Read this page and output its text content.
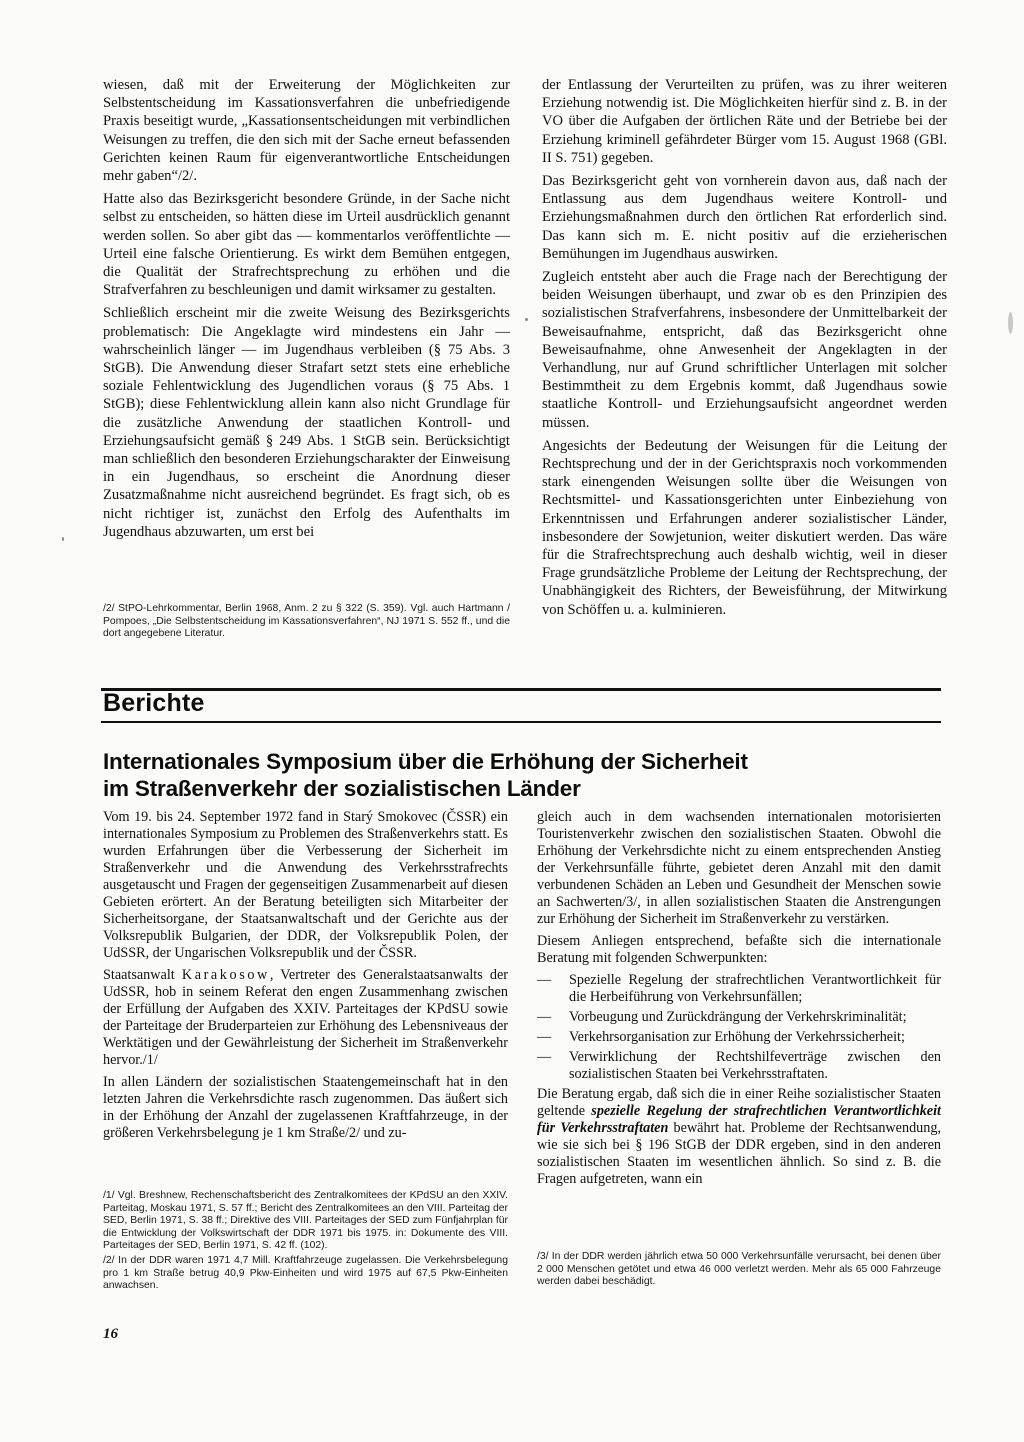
wiesen, daß mit der Erweiterung der Möglichkeiten zur Selbstentscheidung im Kassationsverfahren die unbefriedigende Praxis beseitigt wurde, „Kassationsentscheidungen mit verbindlichen Weisungen zu treffen, die den sich mit der Sache erneut befassenden Gerichten keinen Raum für eigenverantwortliche Entscheidungen mehr gaben“/2/.

Hatte also das Bezirksgericht besondere Gründe, in der Sache nicht selbst zu entscheiden, so hätten diese im Urteil ausdrücklich genannt werden sollen. So aber gibt das — kommentarlos veröffentlichte — Urteil eine falsche Orientierung. Es wirkt dem Bemühen entgegen, die Qualität der Strafrechtsprechung zu erhöhen und die Strafverfahren zu beschleunigen und damit wirksamer zu gestalten.

Schließlich erscheint mir die zweite Weisung des Bezirksgerichts problematisch: Die Angeklagte wird mindestens ein Jahr — wahrscheinlich länger — im Jugendhaus verbleiben (§ 75 Abs. 3 StGB). Die Anwendung dieser Strafart setzt stets eine erhebliche soziale Fehlentwicklung des Jugendlichen voraus (§ 75 Abs. 1 StGB); diese Fehlentwicklung allein kann also nicht Grundlage für die zusätzliche Anwendung der staatlichen Kontroll- und Erziehungsaufsicht gemäß § 249 Abs. 1 StGB sein. Berücksichtigt man schließlich den besonderen Erziehungscharakter der Einweisung in ein Jugendhaus, so erscheint die Anordnung dieser Zusatzmaßnahme nicht ausreichend begründet. Es fragt sich, ob es nicht richtiger ist, zunächst den Erfolg des Aufenthalts im Jugendhaus abzuwarten, um erst bei

/2/ StPO-Lehrkommentar, Berlin 1968, Anm. 2 zu § 322 (S. 359). Vgl. auch Hartmann / Pompoes, „Die Selbstentscheidung im Kassationsverfahren“, NJ 1971 S. 552 ff., und die dort angegebene Literatur.

der Entlassung der Verurteilten zu prüfen, was zu ihrer weiteren Erziehung notwendig ist. Die Möglichkeiten hierfür sind z. B. in der VO über die Aufgaben der örtlichen Räte und der Betriebe bei der Erziehung kriminell gefährdeter Bürger vom 15. August 1968 (GBl. II S. 751) gegeben.

Das Bezirksgericht geht von vornherein davon aus, daß nach der Entlassung aus dem Jugendhaus weitere Kontroll- und Erziehungsmaßnahmen durch den örtlichen Rat erforderlich sind. Das kann sich m. E. nicht positiv auf die erzieherischen Bemühungen im Jugendhaus auswirken.

Zugleich entsteht aber auch die Frage nach der Berechtigung der beiden Weisungen überhaupt, und zwar ob es den Prinzipien des sozialistischen Strafverfahrens, insbesondere der Unmittelbarkeit der Beweisaufnahme, entspricht, daß das Bezirksgericht ohne Beweisaufnahme, ohne Anwesenheit der Angeklagten in der Verhandlung, nur auf Grund schriftlicher Unterlagen mit solcher Bestimmtheit zu dem Ergebnis kommt, daß Jugendhaus sowie staatliche Kontroll- und Erziehungsaufsicht angeordnet werden müssen.

Angesichts der Bedeutung der Weisungen für die Leitung der Rechtsprechung und der in der Gerichtspraxis noch vorkommenden stark einengenden Weisungen sollte über die Weisungen von Rechtsmittel- und Kassationsgerichten unter Einbeziehung von Erkenntnissen und Erfahrungen anderer sozialistischer Länder, insbesondere der Sowjetunion, weiter diskutiert werden. Das wäre für die Strafrechtsprechung auch deshalb wichtig, weil in dieser Frage grundsätzliche Probleme der Leitung der Rechtsprechung, der Unabhängigkeit des Richters, der Beweisführung, der Mitwirkung von Schöffen u. a. kulminieren.

Berichte
Internationales Symposium über die Erhöhung der Sicherheit
im Straßenverkehr der sozialistischen Länder

Vom 19. bis 24. September 1972 fand in Starý Smokovec (ČSSR) ein internationales Symposium zu Problemen des Straßenverkehrs statt. Es wurden Erfahrungen über die Verbesserung der Sicherheit im Straßenverkehr und die Anwendung des Verkehrsstrafrechts ausgetauscht und Fragen der gegenseitigen Zusammenarbeit auf diesen Gebieten erörtert. An der Beratung beteiligten sich Mitarbeiter der Sicherheitsorgane, der Staatsanwaltschaft und der Gerichte aus der Volksrepublik Bulgarien, der DDR, der Volksrepublik Polen, der UdSSR, der Ungarischen Volksrepublik und der ČSSR.

Staatsanwalt Karakosow, Vertreter des Generalstaatsanwalts der UdSSR, hob in seinem Referat den engen Zusammenhang zwischen der Erfüllung der Aufgaben des XXIV. Parteitages der KPdSU sowie der Parteitage der Bruderparteien zur Erhöhung des Lebensniveaus der Werktätigen und der Gewährleistung der Sicherheit im Straßenverkehr hervor./1/

In allen Ländern der sozialistischen Staatengemeinschaft hat in den letzten Jahren die Verkehrsdichte rasch zugenommen. Das äußert sich in der Erhöhung der Anzahl der zugelassenen Kraftfahrzeuge, in der größeren Verkehrsbelegung je 1 km Straße/2/ und zu-

/1/ Vgl. Breshnew, Rechenschaftsbericht des Zentralkomitees der KPdSU an den XXIV. Parteitag, Moskau 1971, S. 57 ff.; Bericht des Zentralkomitees an den VIII. Parteitag der SED, Berlin 1971, S. 38 ff.; Direktive des VIII. Parteitages der SED zum Fünfjahrplan für die Entwicklung der Volkswirtschaft der DDR 1971 bis 1975. in: Dokumente des VIII. Parteitages der SED, Berlin 1971, S. 42 ff. (102).

/2/ In der DDR waren 1971 4,7 Mill. Kraftfahrzeuge zugelassen. Die Verkehrsbelegung pro 1 km Straße betrug 40,9 Pkw-Einheiten und wird 1975 auf 67,5 Pkw-Einheiten anwachsen.

gleich auch in dem wachsenden internationalen motorisierten Touristenverkehr zwischen den sozialistischen Staaten. Obwohl die Erhöhung der Verkehrsdichte nicht zu einem entsprechenden Anstieg der Verkehrsunfälle führte, gebietet deren Anzahl mit den damit verbundenen Schäden an Leben und Gesundheit der Menschen sowie an Sachwerten/3/, in allen sozialistischen Staaten die Anstrengungen zur Erhöhung der Sicherheit im Straßenverkehr zu verstärken.

Diesem Anliegen entsprechend, befaßte sich die internationale Beratung mit folgenden Schwerpunkten:

— Spezielle Regelung der strafrechtlichen Verantwortlichkeit für die Herbeiführung von Verkehrsunfällen;
— Vorbeugung und Zurückdrängung der Verkehrskriminalität;
— Verkehrsorganisation zur Erhöhung der Verkehrssicherheit;
— Verwirklichung der Rechtshilfeverträge zwischen den sozialistischen Staaten bei Verkehrsstraftaten.

Die Beratung ergab, daß sich die in einer Reihe sozialistischer Staaten geltende spezielle Regelung der strafrechtlichen Verantwortlichkeit für Verkehrsstraftaten bewährt hat. Probleme der Rechtsanwendung, wie sie sich bei § 196 StGB der DDR ergeben, sind in den anderen sozialistischen Staaten im wesentlichen ähnlich. So sind z. B. die Fragen aufgetreten, wann ein

/3/ In der DDR werden jährlich etwa 50 000 Verkehrsunfälle verursacht, bei denen über 2 000 Menschen getötet und etwa 46 000 verletzt werden. Mehr als 65 000 Fahrzeuge werden dabei beschädigt.

16
